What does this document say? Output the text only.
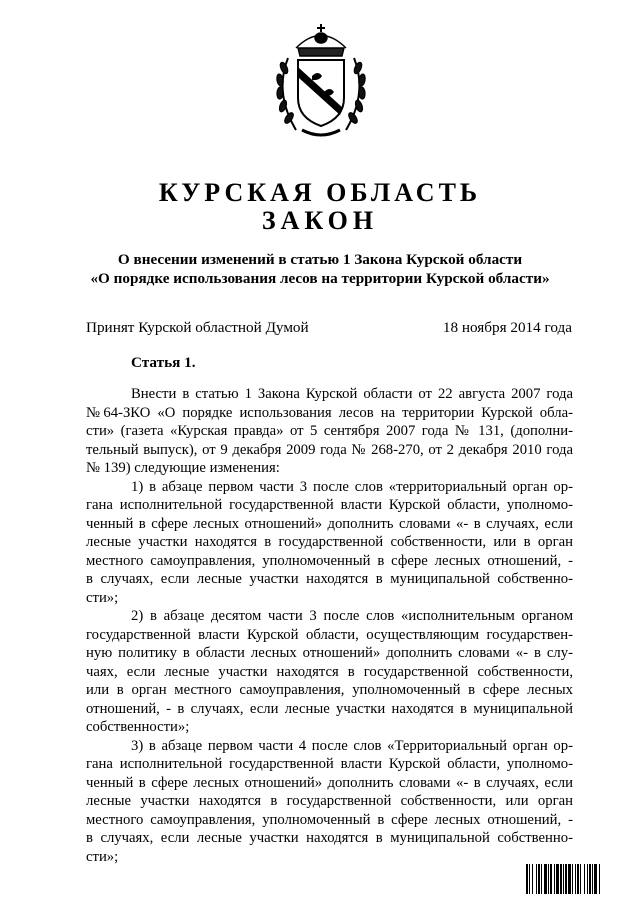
КУРСКАЯ ОБЛАСТЬ
ЗАКОН
О внесении изменений в статью 1 Закона Курской области
«О порядке использования лесов на территории Курской области»
Принят Курской областной Думой	18 ноября 2014 года
Статья 1.
Внести в статью 1 Закона Курской области от 22 августа 2007 года
№64-ЗКО «О порядке использования лесов на территории Курской обла-
сти» (газета «Курская правда» от 5 сентября 2007 года № 131, (дополни-
тельный выпуск), от 9 декабря 2009 года № 268-270, от 2 декабря 2010 года
№ 139) следующие изменения:
1) в абзаце первом части 3 после слов «территориальный орган ор-
гана исполнительной государственной власти Курской области, уполномо-
ченный в сфере лесных отношений» дополнить словами «- в случаях, если
лесные участки находятся в государственной собственности, или в орган
местного самоуправления, уполномоченный в сфере лесных отношений, -
в случаях, если лесные участки находятся в муниципальной собственно-
сти»;
2) в абзаце десятом части 3 после слов «исполнительным органом
государственной власти Курской области, осуществляющим государствен-
ную политику в области лесных отношений» дополнить словами «- в слу-
чаях, если лесные участки находятся в государственной собственности,
или в орган местного самоуправления, уполномоченный в сфере лесных
отношений, - в случаях, если лесные участки находятся в муниципальной
собственности»;
3) в абзаце первом части 4 после слов «Территориальный орган ор-
гана исполнительной государственной власти Курской области, уполномо-
ченный в сфере лесных отношений» дополнить словами «- в случаях, если
лесные участки находятся в государственной собственности, или орган
местного самоуправления, уполномоченный в сфере лесных отношений, -
в случаях, если лесные участки находятся в муниципальной собственно-
сти»;
